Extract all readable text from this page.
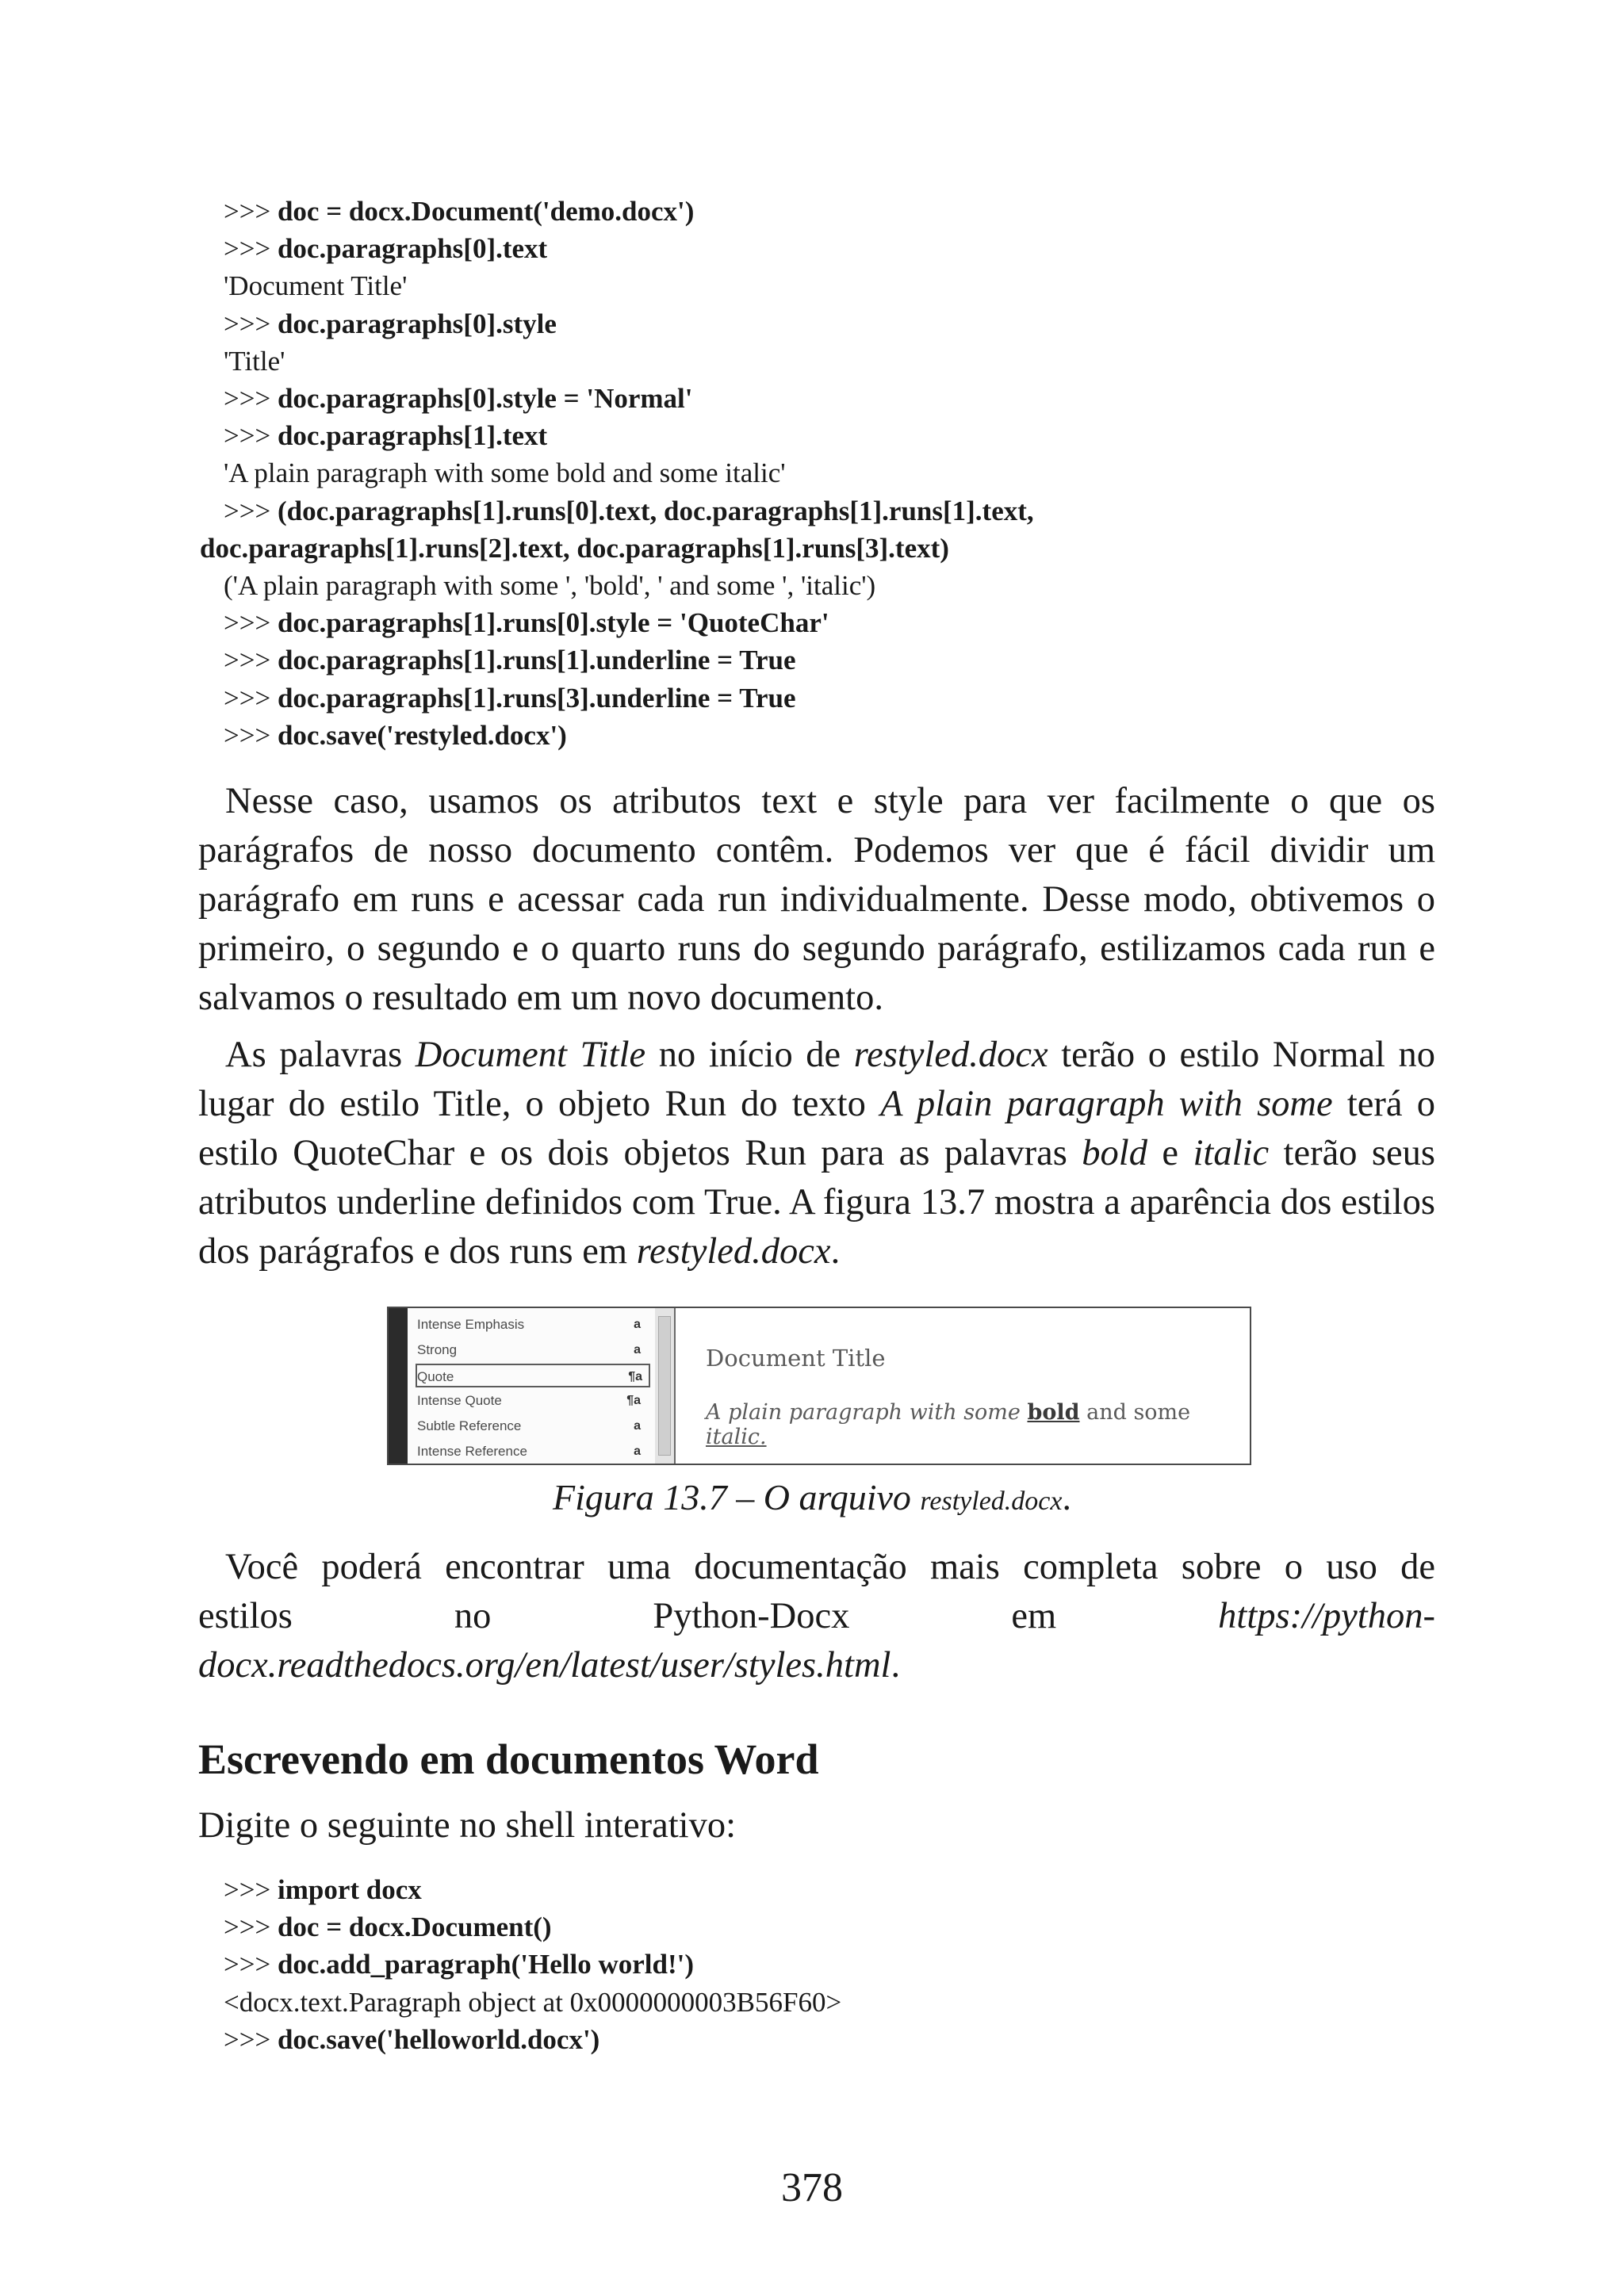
>>> doc = docx.Document('demo.docx')
>>> doc.paragraphs[0].text
'Document Title'
>>> doc.paragraphs[0].style
'Title'
>>> doc.paragraphs[0].style = 'Normal'
>>> doc.paragraphs[1].text
'A plain paragraph with some bold and some italic'
>>> (doc.paragraphs[1].runs[0].text, doc.paragraphs[1].runs[1].text,
doc.paragraphs[1].runs[2].text, doc.paragraphs[1].runs[3].text)
('A plain paragraph with some ', 'bold', ' and some ', 'italic')
>>> doc.paragraphs[1].runs[0].style = 'QuoteChar'
>>> doc.paragraphs[1].runs[1].underline = True
>>> doc.paragraphs[1].runs[3].underline = True
>>> doc.save('restyled.docx')
Nesse caso, usamos os atributos text e style para ver facilmente o que os parágrafos de nosso documento contêm. Podemos ver que é fácil dividir um parágrafo em runs e acessar cada run individualmente. Desse modo, obtivemos o primeiro, o segundo e o quarto runs do segundo parágrafo, estilizamos cada run e salvamos o resultado em um novo documento.
As palavras Document Title no início de restyled.docx terão o estilo Normal no lugar do estilo Title, o objeto Run do texto A plain paragraph with some terá o estilo QuoteChar e os dois objetos Run para as palavras bold e italic terão seus atributos underline definidos com True. A figura 13.7 mostra a aparência dos estilos dos parágrafos e dos runs em restyled.docx.
Intense Emphasis	a
Strong	a
Quote	¶a
Intense Quote	¶a
Subtle Reference	a
Intense Reference	a
Document Title
A plain paragraph with some bold and some italic.
Figura 13.7 – O arquivo restyled.docx.
Você poderá encontrar uma documentação mais completa sobre o uso de
estilos	no	Python-Docx	em	https://python-
docx.readthedocs.org/en/latest/user/styles.html.
Escrevendo em documentos Word
Digite o seguinte no shell interativo:
>>> import docx
>>> doc = docx.Document()
>>> doc.add_paragraph('Hello world!')
<docx.text.Paragraph object at 0x0000000003B56F60>
>>> doc.save('helloworld.docx')
378
